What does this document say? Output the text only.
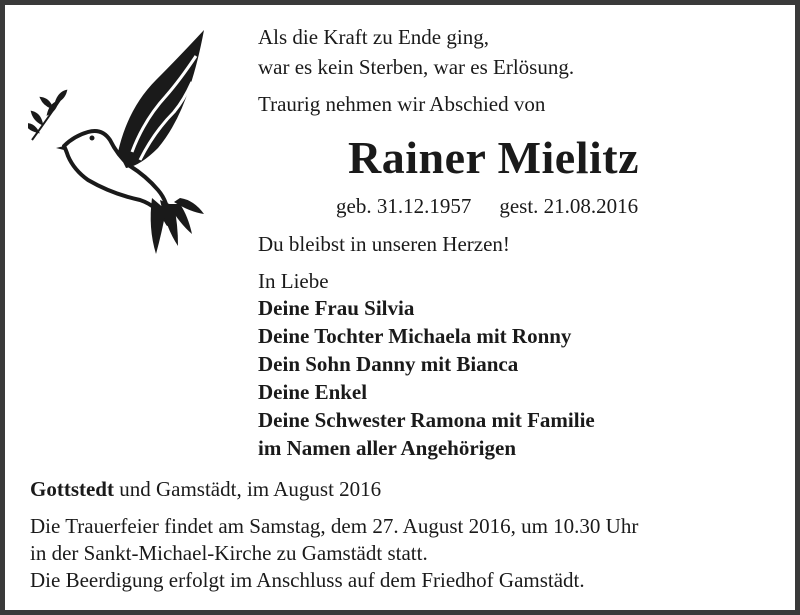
Als die Kraft zu Ende ging,
war es kein Sterben, war es Erlösung.
Traurig nehmen wir Abschied von
Rainer Mielitz
geb. 31.12.1957 gest. 21.08.2016
Du bleibst in unseren Herzen!
In Liebe
Deine Frau Silvia
Deine Tochter Michaela mit Ronny
Dein Sohn Danny mit Bianca
Deine Enkel
Deine Schwester Ramona mit Familie
im Namen aller Angehörigen
Gottstedt und Gamstädt, im August 2016
Die Trauerfeier findet am Samstag, dem 27. August 2016, um 10.30 Uhr
in der Sankt-Michael-Kirche zu Gamstädt statt.
Die Beerdigung erfolgt im Anschluss auf dem Friedhof Gamstädt.
